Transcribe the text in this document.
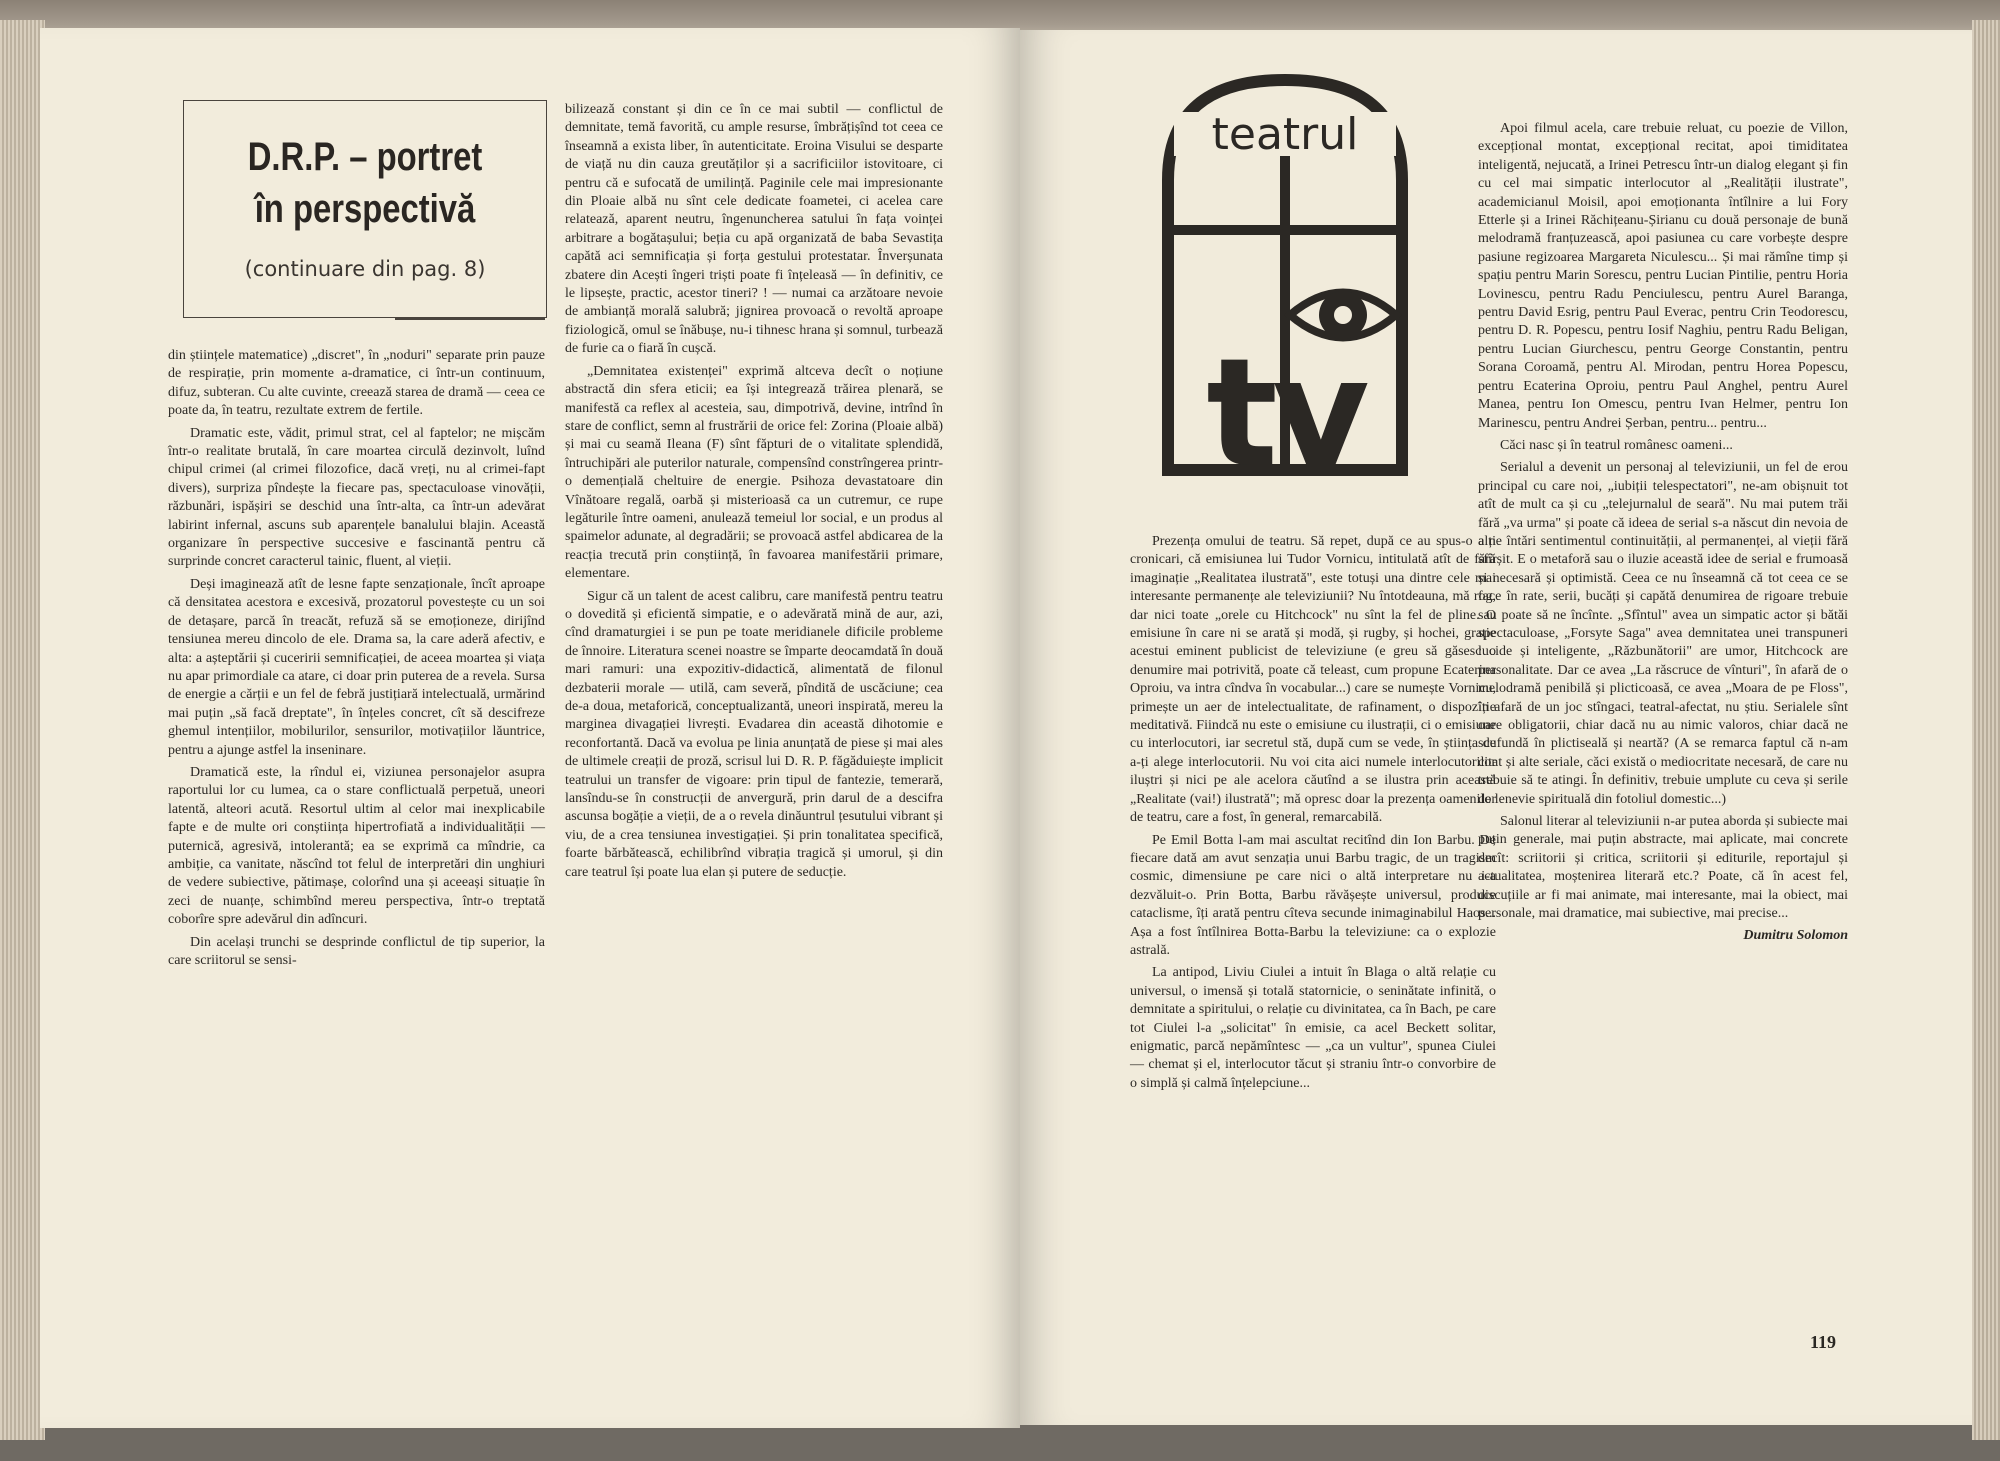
D.R.P. – portret
în perspectivă
(continuare din pag. 8)

din științele matematice) „discret", în „noduri" separate prin pauze de respirație, prin momente a-dramatice, ci într-un continuum, difuz, subteran. Cu alte cuvinte, creează starea de dramă — ceea ce poate da, în teatru, rezultate extrem de fertile.

Dramatic este, vădit, primul strat, cel al faptelor; ne mișcăm într-o realitate brutală, în care moartea circulă dezinvolt, luînd chipul crimei (al crimei filozofice, dacă vreți, nu al crimei-fapt divers), surpriza pîndește la fiecare pas, spectaculoase vinovății, răzbunări, ispășiri se deschid una într-alta, ca într-un adevărat labirint infernal, ascuns sub aparențele banalului blajin. Această organizare în perspective succesive e fascinantă pentru că surprinde concret caracterul tainic, fluent, al vieții.

Deși imaginează atît de lesne fapte senzaționale, încît aproape că densitatea acestora e excesivă, prozatorul povestește cu un soi de detașare, parcă în treacăt, refuză să se emoționeze, dirijînd tensiunea mereu dincolo de ele. Drama sa, la care aderă afectiv, e alta: a așteptării și cuceririi semnificației, de aceea moartea și viața nu apar primordiale ca atare, ci doar prin puterea de a revela. Sursa de energie a cărții e un fel de febră justițiară intelectuală, urmărind mai puțin „să facă dreptate", în înțeles concret, cît să descifreze ghemul intențiilor, mobilurilor, sensurilor, motivațiilor lăuntrice, pentru a ajunge astfel la inseninare.

Dramatică este, la rîndul ei, viziunea personajelor asupra raportului lor cu lumea, ca o stare conflictuală perpetuă, uneori latentă, alteori acută. Resortul ultim al celor mai inexplicabile fapte e de multe ori conștiința hipertrofiată a individualității — puternică, agresivă, intolerantă; ea se exprimă ca mîndrie, ca ambiție, ca vanitate, născînd tot felul de interpretări din unghiuri de vedere subiective, pătimașe, colorînd una și aceeași situație în zeci de nuanțe, schimbînd mereu perspectiva, într-o treptată coborîre spre adevărul din adîncuri.

Din același trunchi se desprinde conflictul de tip superior, la care scriitorul se sensi-

bilizează constant și din ce în ce mai subtil — conflictul de demnitate, temă favorită, cu ample resurse, îmbrățișînd tot ceea ce înseamnă a exista liber, în autenticitate. Eroina Visului se desparte de viață nu din cauza greutăților și a sacrificiilor istovitoare, ci pentru că e sufocată de umilință. Paginile cele mai impresionante din Ploaie albă nu sînt cele dedicate foametei, ci acelea care relatează, aparent neutru, îngenuncherea satului în fața voinței arbitrare a bogătașului; beția cu apă organizată de baba Sevastița capătă aci semnificația și forța gestului protestatar. Înverșunata zbatere din Acești îngeri triști poate fi înțeleasă — în definitiv, ce le lipsește, practic, acestor tineri? ! — numai ca arzătoare nevoie de ambianță morală salubră; jignirea provoacă o revoltă aproape fiziologică, omul se înăbușe, nu-i tihnesc hrana și somnul, turbează de furie ca o fiară în cușcă.

„Demnitatea existenței" exprimă altceva decît o noțiune abstractă din sfera eticii; ea își integrează trăirea plenară, se manifestă ca reflex al acesteia, sau, dimpotrivă, devine, intrînd în stare de conflict, semn al frustrării de orice fel: Zorina (Ploaie albă) și mai cu seamă Ileana (F) sînt făpturi de o vitalitate splendidă, întruchipări ale puterilor naturale, compensînd constrîngerea printr-o demențială cheltuire de energie. Psihoza devastatoare din Vînătoare regală, oarbă și misterioasă ca un cutremur, ce rupe legăturile între oameni, anulează temeiul lor social, e un produs al spaimelor adunate, al degradării; se provoacă astfel abdicarea de la reacția trecută prin conștiință, în favoarea manifestării primare, elementare.

Sigur că un talent de acest calibru, care manifestă pentru teatru o dovedită și eficientă simpatie, e o adevărată mină de aur, azi, cînd dramaturgiei i se pun pe toate meridianele dificile probleme de înnoire. Literatura scenei noastre se împarte deocamdată în două mari ramuri: una expozitiv-didactică, alimentată de filonul dezbaterii morale — utilă, cam severă, pîndită de uscăciune; cea de-a doua, metaforică, conceptualizantă, uneori inspirată, mereu la marginea divagației livrești. Evadarea din această dihotomie e reconfortantă. Dacă va evolua pe linia anunțată de piese și mai ales de ultimele creații de proză, scrisul lui D. R. P. făgăduiește implicit teatrului un transfer de vigoare: prin tipul de fantezie, temerară, lansîndu-se în construcții de anvergură, prin darul de a descifra ascunsa bogăție a vieții, de a o revela dinăuntrul țesutului vibrant și viu, de a crea tensiunea investigației. Și prin tonalitatea specifică, foarte bărbătească, echilibrînd vibrația tragică și umorul, și din care teatrul își poate lua elan și putere de seducție.

teatrul
tv

Prezența omului de teatru. Să repet, după ce au spus-o alți cronicari, că emisiunea lui Tudor Vornicu, intitulată atît de fără imaginație „Realitatea ilustrată", este totuși una dintre cele mai interesante permanențe ale televiziunii? Nu întotdeauna, mă rog, dar nici toate „orele cu Hitchcock" nu sînt la fel de pline. O emisiune în care ni se arată și modă, și rugby, și hochei, grație acestui eminent publicist de televiziune (e greu să găsesc o denumire mai potrivită, poate că teleast, cum propune Ecaterina Oproiu, va intra cîndva în vocabular...) care se numește Vornicu, primește un aer de intelectualitate, de rafinament, o dispoziție meditativă. Fiindcă nu este o emisiune cu ilustrații, ci o emisiune cu interlocutori, iar secretul stă, după cum se vede, în știința de a-ți alege interlocutorii. Nu voi cita aici numele interlocutorilor iluștri și nici pe ale acelora căutînd a se ilustra prin această „Realitate (vai!) ilustrată"; mă opresc doar la prezența oamenilor de teatru, care a fost, în general, remarcabilă.

Pe Emil Botta l-am mai ascultat recitînd din Ion Barbu. De fiecare dată am avut senzația unui Barbu tragic, de un tragism cosmic, dimensiune pe care nici o altă interpretare nu i-a dezvăluit-o. Prin Botta, Barbu răvășește universul, produce cataclisme, îți arată pentru cîteva secunde inimaginabilul Haos... Așa a fost întîlnirea Botta-Barbu la televiziune: ca o explozie astrală.

La antipod, Liviu Ciulei a intuit în Blaga o altă relație cu universul, o imensă și totală statornicie, o seninătate infinită, o demnitate a spiritului, o relație cu divinitatea, ca în Bach, pe care tot Ciulei l-a „solicitat" în emisie, ca acel Beckett solitar, enigmatic, parcă nepămîntesc — „ca un vultur", spunea Ciulei — chemat și el, interlocutor tăcut și straniu într-o convorbire de o simplă și calmă înțelepciune...

Apoi filmul acela, care trebuie reluat, cu poezie de Villon, excepțional montat, excepțional recitat, apoi timiditatea inteligentă, nejucată, a Irinei Petrescu într-un dialog elegant și fin cu cel mai simpatic interlocutor al „Realității ilustrate", academicianul Moisil, apoi emoționanta întîlnire a lui Fory Etterle și a Irinei Răchițeanu-Șirianu cu două personaje de bună melodramă franțuzească, apoi pasiunea cu care vorbește despre pasiune regizoarea Margareta Niculescu... Și mai rămîne timp și spațiu pentru Marin Sorescu, pentru Lucian Pintilie, pentru Horia Lovinescu, pentru Radu Penciulescu, pentru Aurel Baranga, pentru David Esrig, pentru Paul Everac, pentru Crin Teodorescu, pentru D. R. Popescu, pentru Iosif Naghiu, pentru Radu Beligan, pentru Lucian Giurchescu, pentru George Constantin, pentru Sorana Coroamă, pentru Al. Mirodan, pentru Horea Popescu, pentru Ecaterina Oproiu, pentru Paul Anghel, pentru Aurel Manea, pentru Ion Omescu, pentru Ivan Helmer, pentru Ion Marinescu, pentru Andrei Șerban, pentru... pentru...

Căci nasc și în teatrul românesc oameni...

Serialul a devenit un personaj al televiziunii, un fel de erou principal cu care noi, „iubiții telespectatori", ne-am obișnuit tot atît de mult ca și cu „telejurnalul de seară". Nu mai putem trăi fără „va urma" și poate că ideea de serial s-a născut din nevoia de a ne întări sentimentul continuității, al permanenței, al vieții fără sfîrșit. E o metaforă sau o iluzie această idee de serial e frumoasă și necesară și optimistă. Ceea ce nu înseamnă că tot ceea ce se face în rate, serii, bucăți și capătă denumirea de rigoare trebuie sau poate să ne încînte. „Sfîntul" avea un simpatic actor și bătăi spectaculoase, „Forsyte Saga" avea demnitatea unei transpuneri lucide și inteligente, „Răzbunătorii" are umor, Hitchcock are personalitate. Dar ce avea „La răscruce de vînturi", în afară de o melodramă penibilă și plicticoasă, ce avea „Moara de pe Floss", în afară de un joc stîngaci, teatral-afectat, nu știu. Serialele sînt oare obligatorii, chiar dacă nu au nimic valoros, chiar dacă ne scufundă în plictiseală și neartă? (A se remarca faptul că n-am citat și alte seriale, căci există o mediocritate necesară, de care nu trebuie să te atingi. În definitiv, trebuie umplute cu ceva și serile de lenevie spirituală din fotoliul domestic...)

Salonul literar al televiziunii n-ar putea aborda și subiecte mai puțin generale, mai puțin abstracte, mai aplicate, mai concrete decît: scriitorii și critica, scriitorii și editurile, reportajul și actualitatea, moștenirea literară etc.? Poate, că în acest fel, discuțiile ar fi mai animate, mai interesante, mai la obiect, mai personale, mai dramatice, mai subiective, mai precise...

Dumitru Solomon
119
